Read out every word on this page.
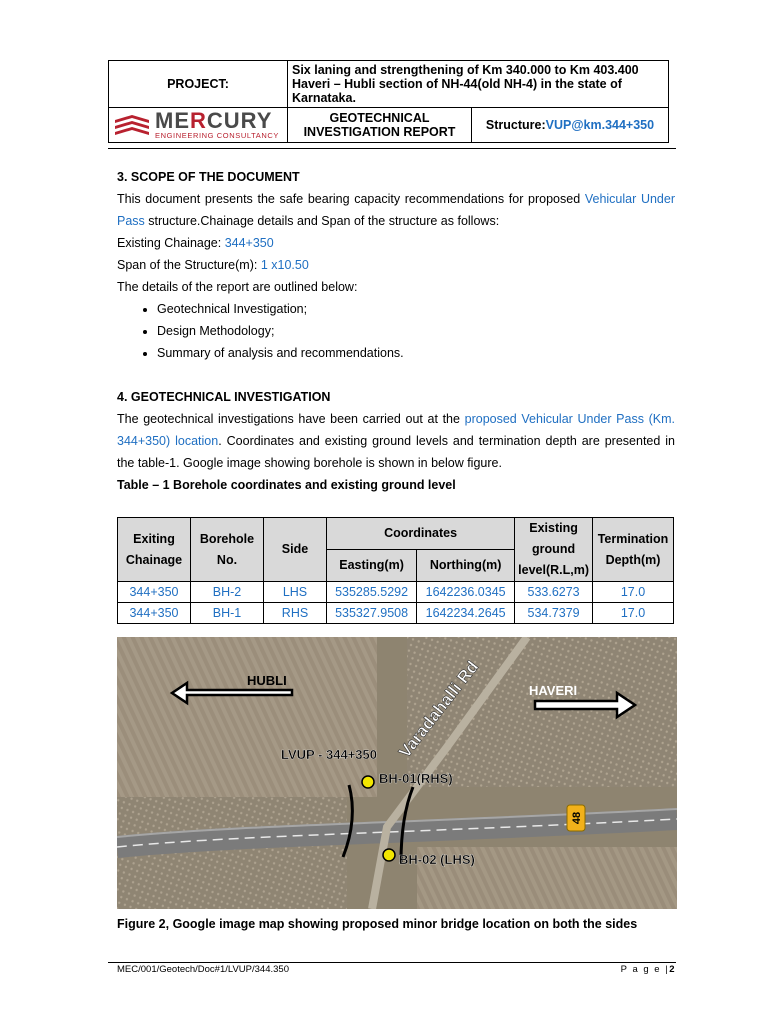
PROJECT:	Six laning and strengthening of Km 340.000 to Km 403.400 Haveri – Hubli section of NH-44(old NH-4) in the state of Karnataka.	

MERCURY
ENGINEERING CONSULTANCY	GEOTECHNICAL INVESTIGATION REPORT	Structure:VUP@km.344+350

3. SCOPE OF THE DOCUMENT

This document presents the safe bearing capacity recommendations for proposed Vehicular Under Pass structure.Chainage details and Span of the structure as follows:

Existing Chainage: 344+350

Span of the Structure(m): 1 x10.50

The details of the report are outlined below:

• Geotechnical Investigation;
• Design Methodology;
• Summary of analysis and recommendations.

4. GEOTECHNICAL INVESTIGATION

The geotechnical investigations have been carried out at the proposed Vehicular Under Pass (Km. 344+350) location. Coordinates and existing ground levels and termination depth are presented in the table-1. Google image showing borehole is shown in below figure.

Table – 1 Borehole coordinates and existing ground level

Exiting Chainage	Borehole No.	Side	Coordinates		Existing ground level(R.L,m)	Termination Depth(m)
			Easting(m)	Northing(m)		
344+350	BH-2	LHS	535285.5292	1642236.0345	533.6273	17.0
344+350	BH-1	RHS	535327.9508	1642234.2645	534.7379	17.0
HUBLI
HAVERI
Varadahalli Rd
LVUP - 344+350
BH-01(RHS)
BH-02 (LHS)
48
Figure 2, Google image map showing proposed minor bridge location on both the sides
MEC/001/Geotech/Doc#1/LVUP/344.350	P a g e |2
